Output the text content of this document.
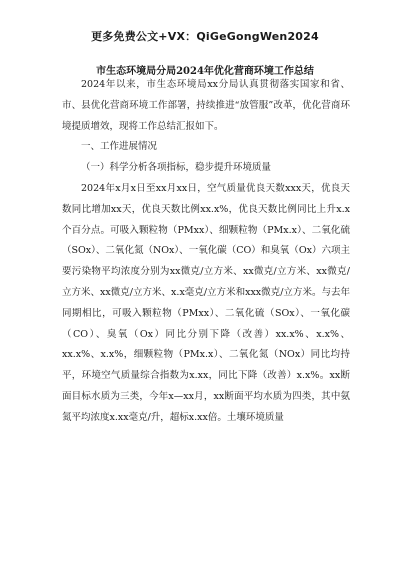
更多免费公文+VX：QiGeGongWen2024
市生态环境局分局2024年优化营商环境工作总结

2024年以来，市生态环境局xx分局认真贯彻落实国家和省、市、县优化营商环境工作部署，持续推进“放管服”改革，优化营商环境提质增效，现将工作总结汇报如下。

一、工作进展情况

（一）科学分析各项指标，稳步提升环境质量

2024年x月x日至xx月xx日，空气质量优良天数xxx天，优良天数同比增加xx天，优良天数比例xx.x%，优良天数比例同比上升x.x个百分点。可吸入颗粒物（PMxx）、细颗粒物（PMx.x）、二氧化硫（SOx）、二氧化氮（NOx）、一氧化碳（CO）和臭氧（Ox）六项主要污染物平均浓度分别为xx微克/立方米、xx微克/立方米、xx微克/立方米、xx微克/立方米、x.x毫克/立方米和xxx微克/立方米。与去年同期相比，可吸入颗粒物（PMxx）、二氧化硫（SOx）、一氧化碳（CO）、臭氧（Ox）同比分别下降（改善）xx.x%、x.x%、xx.x%、x.x%，细颗粒物（PMx.x）、二氧化氮（NOx）同比均持平，环境空气质量综合指数为x.xx，同比下降（改善）x.x%。xx断面目标水质为三类，今年x—xx月，xx断面平均水质为四类，其中氨氮平均浓度x.xx毫克/升，超标x.xx倍。土壤环境质量
